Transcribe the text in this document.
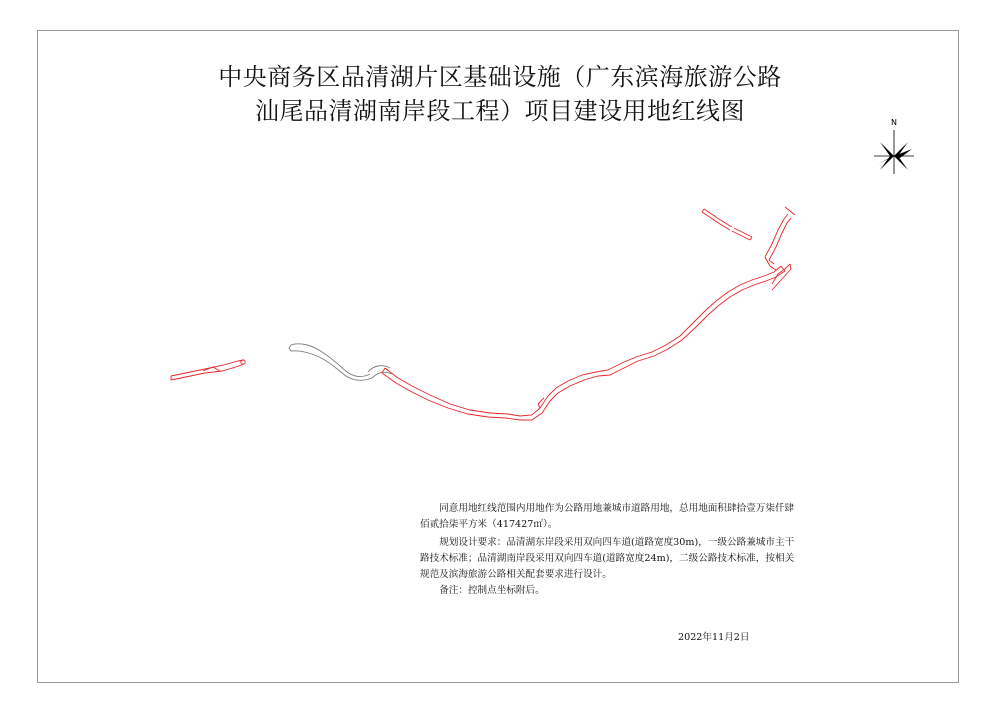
中央商务区品清湖片区基础设施（广东滨海旅游公路
汕尾品清湖南岸段工程）项目建设用地红线图	N

同意用地红线范围内用地作为公路用地兼城市道路用地，总用地面积肆拾壹万柒仟肆佰贰拾柒平方米（417427㎡）。

规划设计要求：品清湖东岸段采用双向四车道(道路宽度30m)，一级公路兼城市主干路技术标准；品清湖南岸段采用双向四车道(道路宽度24m)，二级公路技术标准，按相关规范及滨海旅游公路相关配套要求进行设计。

备注：控制点坐标附后。

2022年11月2日
